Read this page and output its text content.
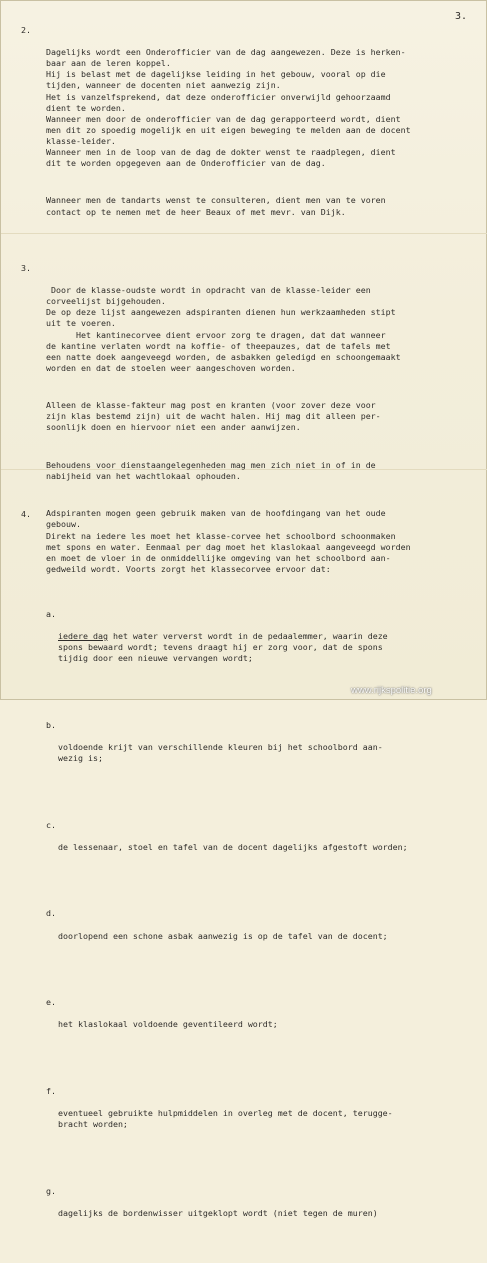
3.
2.

Dagelijks wordt een Onderofficier van de dag aangewezen. Deze is herken-
baar aan de leren koppel.
Hij is belast met de dagelijkse leiding in het gebouw, vooral op die
tijden, wanneer de docenten niet aanwezig zijn.
Het is vanzelfsprekend, dat deze onderofficier onverwijld gehoorzaamd
dient te worden.
Wanneer men door de onderofficier van de dag gerapporteerd wordt, dient
men dit zo spoedig mogelijk en uit eigen beweging te melden aan de docent
klasse-leider.
Wanneer men in de loop van de dag de dokter wenst te raadplegen, dient
dit te worden opgegeven aan de Onderofficier van de dag.

Wanneer men de tandarts wenst te consulteren, dient men van te voren
contact op te nemen met de heer Beaux of met mevr. van Dijk.

3.

Door de klasse-oudste wordt in opdracht van de klasse-leider een
corveelijst bijgehouden.
De op deze lijst aangewezen adspiranten dienen hun werkzaamheden stipt
uit te voeren.
Het kantinecorvee dient ervoor zorg te dragen, dat dat wanneer
de kantine verlaten wordt na koffie- of theepauzes, dat de tafels met
een natte doek aangeveegd worden, de asbakken geledigd en schoongemaakt
worden en dat de stoelen weer aangeschoven worden.

Alleen de klasse-fakteur mag post en kranten (voor zover deze voor
zijn klas bestemd zijn) uit de wacht halen. Hij mag dit alleen per-
soonlijk doen en hiervoor niet een ander aanwijzen.

Behoudens voor dienstaangelegenheden mag men zich niet in of in de
nabijheid van het wachtlokaal ophouden.

Adspiranten mogen geen gebruik maken van de hoofdingang van het oude
gebouw.

4.

Direkt na iedere les moet het klasse-corvee het schoolbord schoonmaken
met spons en water. Eenmaal per dag moet het klaslokaal aangeveegd worden
en moet de vloer in de onmiddellijke omgeving van het schoolbord aan-
gedweild wordt. Voorts zorgt het klassecorvee ervoor dat:

a.

iedere dag het water ververst wordt in de pedaalemmer, waarin deze
spons bewaard wordt; tevens draagt hij er zorg voor, dat de spons
tijdig door een nieuwe vervangen wordt;

b.

voldoende krijt van verschillende kleuren bij het schoolbord aan-
wezig is;

c.

de lessenaar, stoel en tafel van de docent dagelijks afgestoft worden;

d.

doorlopend een schone asbak aanwezig is op de tafel van de docent;

e.

het klaslokaal voldoende geventileerd wordt;

f.

eventueel gebruikte hulpmiddelen in overleg met de docent, terugge-
bracht worden;

g.

dagelijks de bordenwisser uitgeklopt wordt (niet tegen de muren)

www.rijkspolitie.org
